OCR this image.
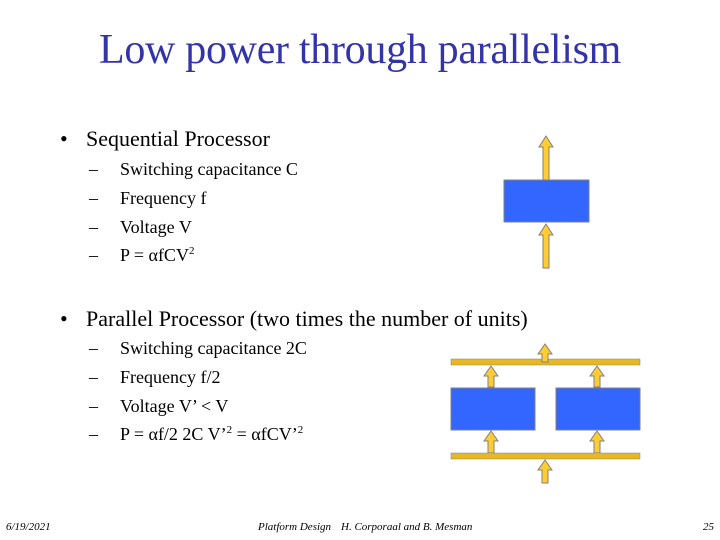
Low power through parallelism
• Sequential Processor
– Switching capacitance C
– Frequency f
– Voltage V
– P = αfCV$^2$
• Parallel Processor (two times the number of units)
– Switching capacitance 2C
– Frequency f/2
– Voltage V’ < V
– P = αf/2 2C V’$^2$ = αfCV’$^2$
6/19/2021	Platform Design H. Corporaal and B. Mesman	25
